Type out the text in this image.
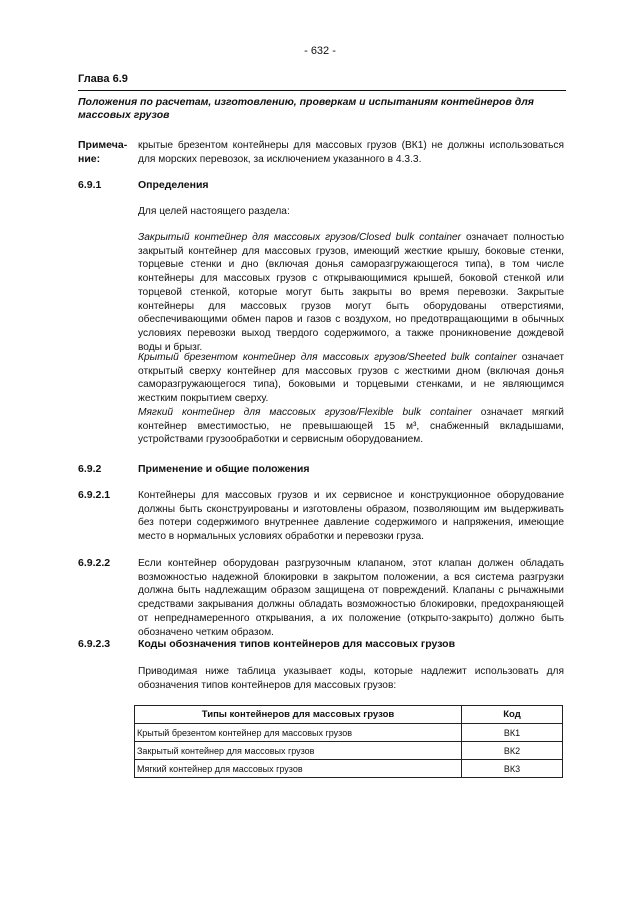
- 632 -
Глава 6.9
Положения по расчетам, изготовлению, проверкам и испытаниям контейнеров для массовых грузов
Примеча-ние:
крытые брезентом контейнеры для массовых грузов (ВК1) не должны использоваться для морских перевозок, за исключением указанного в 4.3.3.
6.9.1	Определения
Для целей настоящего раздела:
Закрытый контейнер для массовых грузов/Closed bulk container означает полностью закрытый контейнер для массовых грузов, имеющий жесткие крышу, боковые стенки, торцевые стенки и дно (включая донья саморазгружающегося типа), в том числе контейнеры для массовых грузов с открывающимися крышей, боковой стенкой или торцевой стенкой, которые могут быть закрыты во время перевозки. Закрытые контейнеры для массовых грузов могут быть оборудованы отверстиями, обеспечивающими обмен паров и газов с воздухом, но предотвращающими в обычных условиях перевозки выход твердого содержимого, а также проникновение дождевой воды и брызг.
Крытый брезентом контейнер для массовых грузов/Sheeted bulk container означает открытый сверху контейнер для массовых грузов с жесткими дном (включая донья саморазгружающегося типа), боковыми и торцевыми стенками, и не являющимся жестким покрытием сверху.
Мягкий контейнер для массовых грузов/Flexible bulk container означает мягкий контейнер вместимостью, не превышающей 15 м³, снабженный вкладышами, устройствами грузообработки и сервисным оборудованием.
6.9.2	Применение и общие положения
6.9.2.1	Контейнеры для массовых грузов и их сервисное и конструкционное оборудование должны быть сконструированы и изготовлены образом, позволяющим им выдерживать без потери содержимого внутреннее давление содержимого и напряжения, имеющие место в нормальных условиях обработки и перевозки груза.
6.9.2.2	Если контейнер оборудован разгрузочным клапаном, этот клапан должен обладать возможностью надежной блокировки в закрытом положении, а вся система разгрузки должна быть надлежащим образом защищена от повреждений. Клапаны с рычажными средствами закрывания должны обладать возможностью блокировки, предохраняющей от непреднамеренного открывания, а их положение (открыто-закрыто) должно быть обозначено четким образом.
6.9.2.3	Коды обозначения типов контейнеров для массовых грузов
Приводимая ниже таблица указывает коды, которые надлежит использовать для обозначения типов контейнеров для массовых грузов:
Типы контейнеров для массовых грузов	Код
Крытый брезентом контейнер для массовых грузов	ВК1
Закрытый контейнер для массовых грузов	ВК2
Мягкий контейнер для массовых грузов	ВК3
